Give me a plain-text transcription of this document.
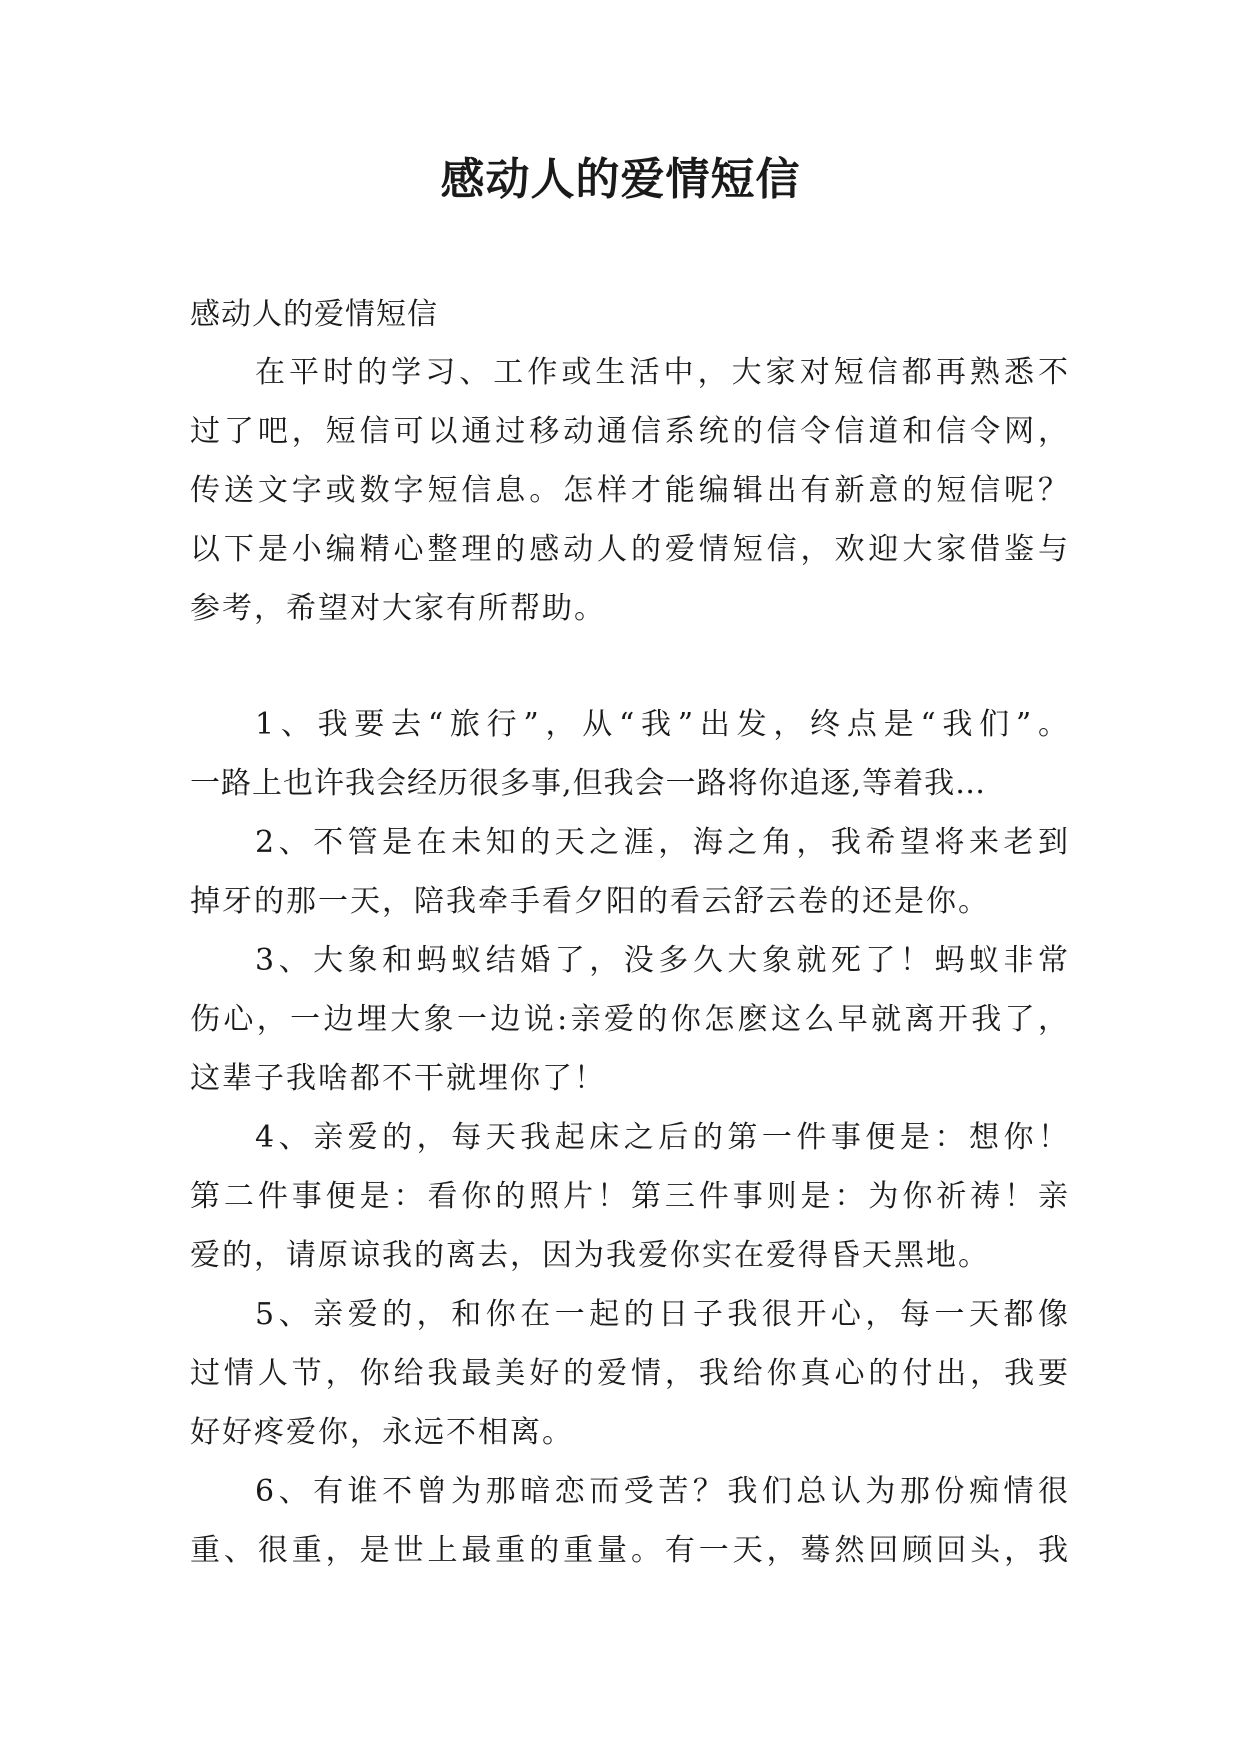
感动人的爱情短信

感动人的爱情短信

在平时的学习、工作或生活中，大家对短信都再熟悉不

过了吧，短信可以通过移动通信系统的信令信道和信令网，

传送文字或数字短信息。怎样才能编辑出有新意的短信呢？

以下是小编精心整理的感动人的爱情短信，欢迎大家借鉴与

参考，希望对大家有所帮助。

1、我要去“旅行”，从“我”出发，终点是“我们”。

一路上也许我会经历很多事,但我会一路将你追逐,等着我…

2、不管是在未知的天之涯，海之角，我希望将来老到

掉牙的那一天，陪我牵手看夕阳的看云舒云卷的还是你。

3、大象和蚂蚁结婚了，没多久大象就死了！蚂蚁非常

伤心，一边埋大象一边说:亲爱的你怎麽这么早就离开我了，

这辈子我啥都不干就埋你了！

4、亲爱的，每天我起床之后的第一件事便是：想你！

第二件事便是：看你的照片！第三件事则是：为你祈祷！亲

爱的，请原谅我的离去，因为我爱你实在爱得昏天黑地。

5、亲爱的，和你在一起的日子我很开心，每一天都像

过情人节，你给我最美好的爱情，我给你真心的付出，我要

好好疼爱你，永远不相离。

6、有谁不曾为那暗恋而受苦？我们总认为那份痴情很

重、很重，是世上最重的重量。有一天，蓦然回顾回头，我
